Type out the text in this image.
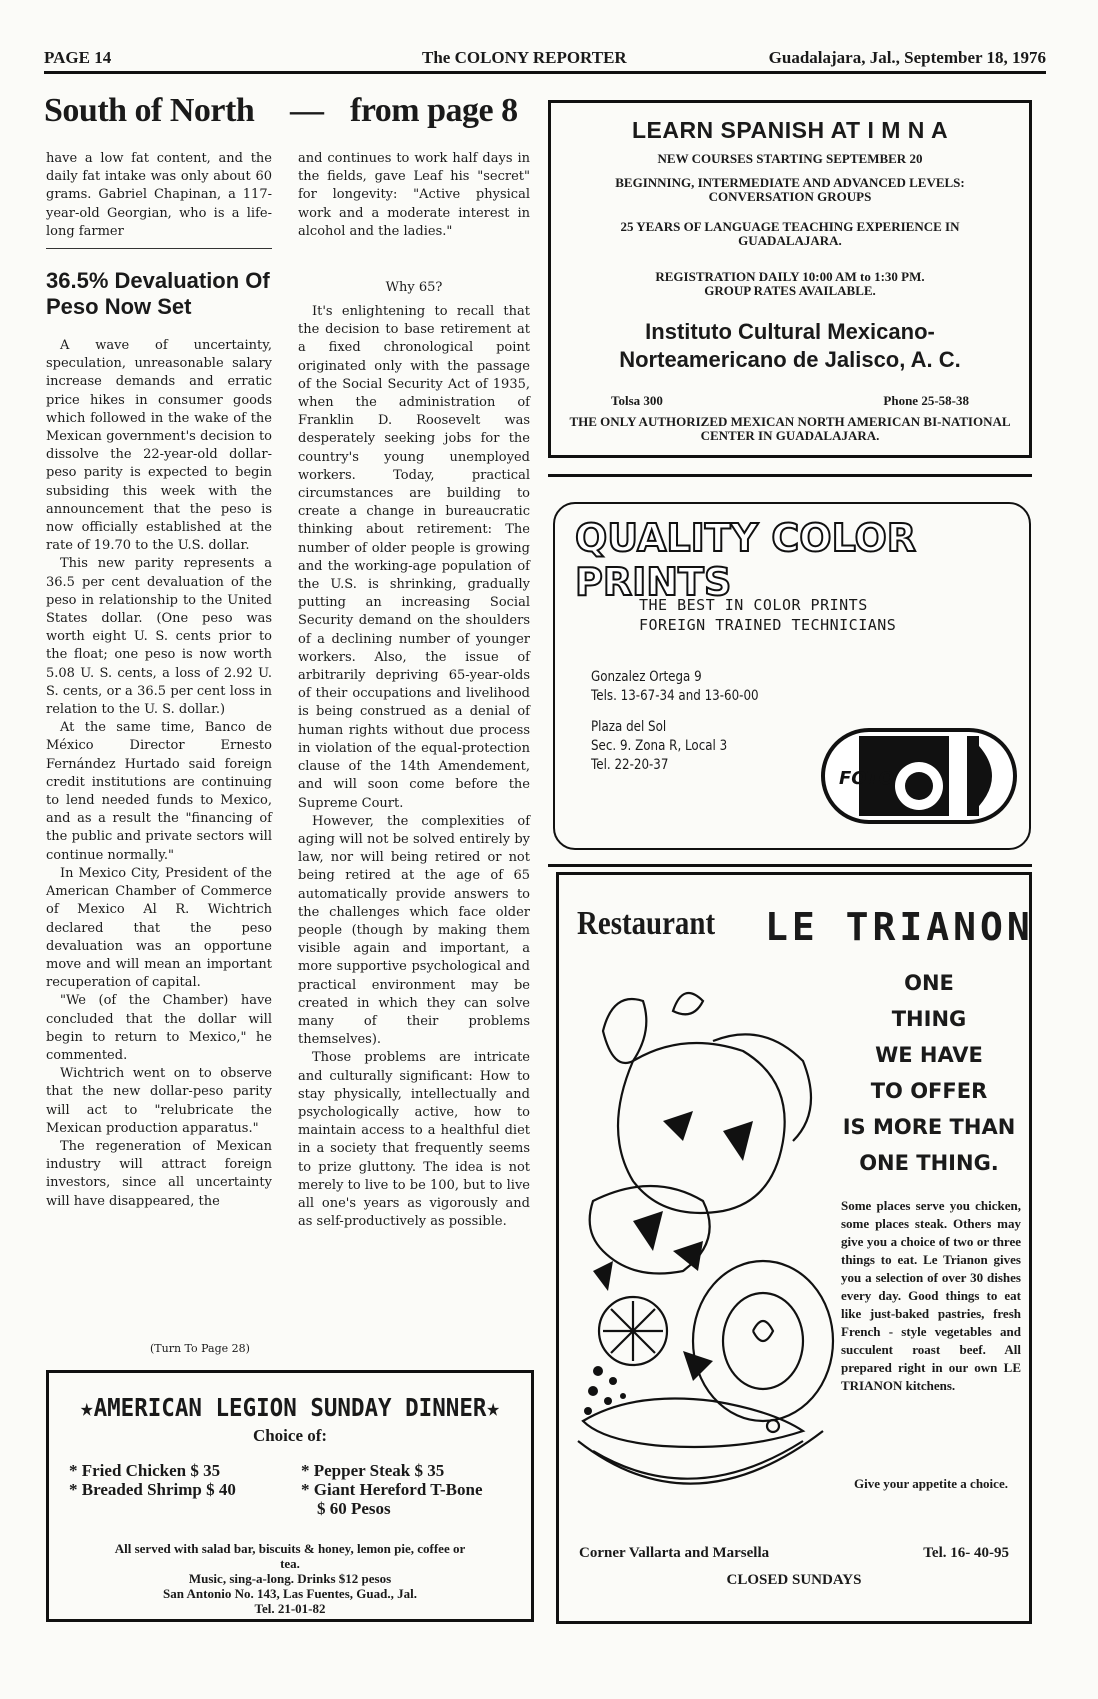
PAGE 14	The COLONY REPORTER	Guadalajara, Jal., September 18, 1976
South of North — from page 8

have a low fat content, and the daily fat intake was only about 60 grams. Gabriel Chapinan, a 117-year-old Georgian, who is a life-long farmer

36.5% Devaluation Of Peso Now Set

A wave of uncertainty, speculation, unreasonable salary increase demands and erratic price hikes in consumer goods which followed in the wake of the Mexican government's decision to dissolve the 22-year-old dollar-peso parity is expected to begin subsiding this week with the announcement that the peso is now officially established at the rate of 19.70 to the U.S. dollar.

This new parity represents a 36.5 per cent devaluation of the peso in relationship to the United States dollar. (One peso was worth eight U. S. cents prior to the float; one peso is now worth 5.08 U. S. cents, a loss of 2.92 U. S. cents, or a 36.5 per cent loss in relation to the U. S. dollar.)

At the same time, Banco de México Director Ernesto Fernández Hurtado said foreign credit institutions are continuing to lend needed funds to Mexico, and as a result the "financing of the public and private sectors will continue normally."

In Mexico City, President of the American Chamber of Commerce of Mexico Al R. Wichtrich declared that the peso devaluation was an opportune move and will mean an important recuperation of capital.

"We (of the Chamber) have concluded that the dollar will begin to return to Mexico," he commented.

Wichtrich went on to observe that the new dollar-peso parity will act to "relubricate the Mexican production apparatus."

The regeneration of Mexican industry will attract foreign investors, since all uncertainty will have disappeared, the

(Turn To Page 28)

and continues to work half days in the fields, gave Leaf his "secret" for longevity: "Active physical work and a moderate interest in alcohol and the ladies."

It's enlightening to recall that the decision to base retirement at a fixed chronological point originated only with the passage of the Social Security Act of 1935, when the administration of Franklin D. Roosevelt was desperately seeking jobs for the country's young unemployed workers. Today, practical circumstances are building to create a change in bureaucratic thinking about retirement: The number of older people is growing and the working-age population of the U.S. is shrinking, gradually putting an increasing Social Security demand on the shoulders of a declining number of younger workers. Also, the issue of arbitrarily depriving 65-year-olds of their occupations and livelihood is being construed as a denial of human rights without due process in violation of the equal-protection clause of the 14th Amendement, and will soon come before the Supreme Court.

However, the complexities of aging will not be solved entirely by law, nor will being retired or not being retired at the age of 65 automatically provide answers to the challenges which face older people (though by making them visible again and important, a more supportive psychological and practical environment may be created in which they can solve many of their problems themselves).

Those problems are intricate and culturally significant: How to stay physically, intellectually and psychologically active, how to maintain access to a healthful diet in a society that frequently seems to prize gluttony. The idea is not merely to live to be 100, but to live all one's years as vigorously and as self-productively as possible.

Why 65?
LEARN SPANISH AT I M N A
NEW COURSES STARTING SEPTEMBER 20
BEGINNING, INTERMEDIATE AND ADVANCED LEVELS: CONVERSATION GROUPS
25 YEARS OF LANGUAGE TEACHING EXPERIENCE IN GUADALAJARA.
REGISTRATION DAILY 10:00 AM to 1:30 PM. GROUP RATES AVAILABLE.
Instituto Cultural Mexicano-Norteamericano de Jalisco, A. C.
Tolsa 300	Phone 25-58-38
THE ONLY AUTHORIZED MEXICAN NORTH AMERICAN BI-NATIONAL CENTER IN GUADALAJARA.
QUALITY COLOR PRINTS
THE BEST IN COLOR PRINTS
FOREIGN TRAINED TECHNICIANS
Gonzalez Ortega 9
Tels. 13-67-34 and 13-60-00
Plaza del Sol
Sec. 9. Zona R, Local 3
Tel. 22-20-37
FOTO
Restaurant LE TRIANON
ONE
THING
WE HAVE
TO OFFER
IS MORE THAN
ONE THING.
Some places serve you chicken, some places steak. Others may give you a choice of two or three things to eat. Le Trianon gives you a selection of over 30 dishes every day. Good things to eat like just-baked pastries, fresh French - style vegetables and succulent roast beef. All prepared right in our own LE TRIANON kitchens.
Give your appetite a choice.
Corner Vallarta and Marsella	Tel. 16- 40-95
CLOSED SUNDAYS
★AMERICAN LEGION SUNDAY DINNER★
Choice of:
* Fried Chicken $ 35
* Breaded Shrimp $ 40
* Pepper Steak $ 35
* Giant Hereford T-Bone
$ 60 Pesos
All served with salad bar, biscuits & honey, lemon pie, coffee or tea.
Music, sing-a-long. Drinks $12 pesos
San Antonio No. 143, Las Fuentes, Guad., Jal.
Tel. 21-01-82
